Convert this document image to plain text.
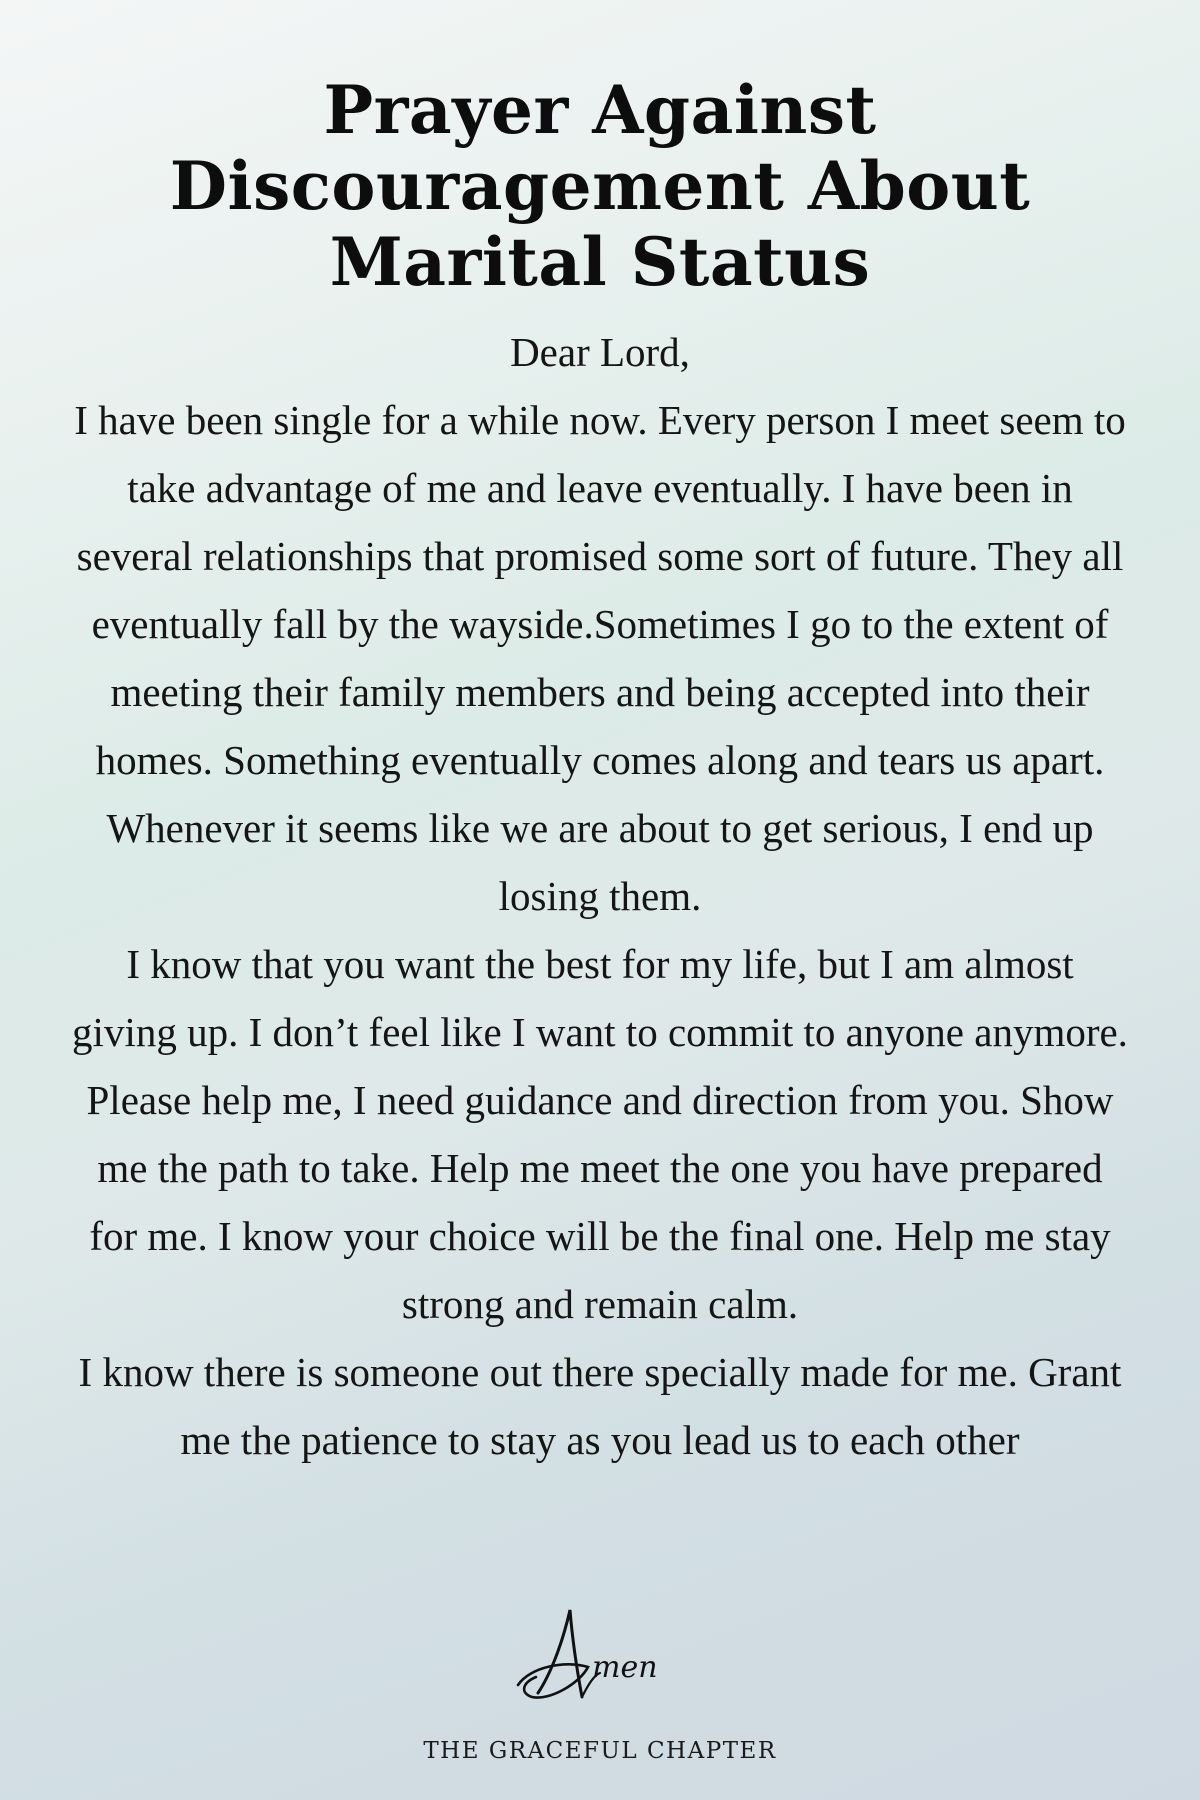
Prayer Against
Discouragement About
Marital Status

Dear Lord,

I have been single for a while now. Every person I meet seem to take advantage of me and leave eventually. I have been in several relationships that promised some sort of future. They all eventually fall by the wayside.Sometimes I go to the extent of meeting their family members and being accepted into their homes. Something eventually comes along and tears us apart. Whenever it seems like we are about to get serious, I end up losing them.

I know that you want the best for my life, but I am almost giving up. I don’t feel like I want to commit to anyone anymore. Please help me, I need guidance and direction from you. Show me the path to take. Help me meet the one you have prepared for me. I know your choice will be the final one. Help me stay strong and remain calm.

I know there is someone out there specially made for me. Grant me the patience to stay as you lead us to each other

men
THE GRACEFUL CHAPTER
